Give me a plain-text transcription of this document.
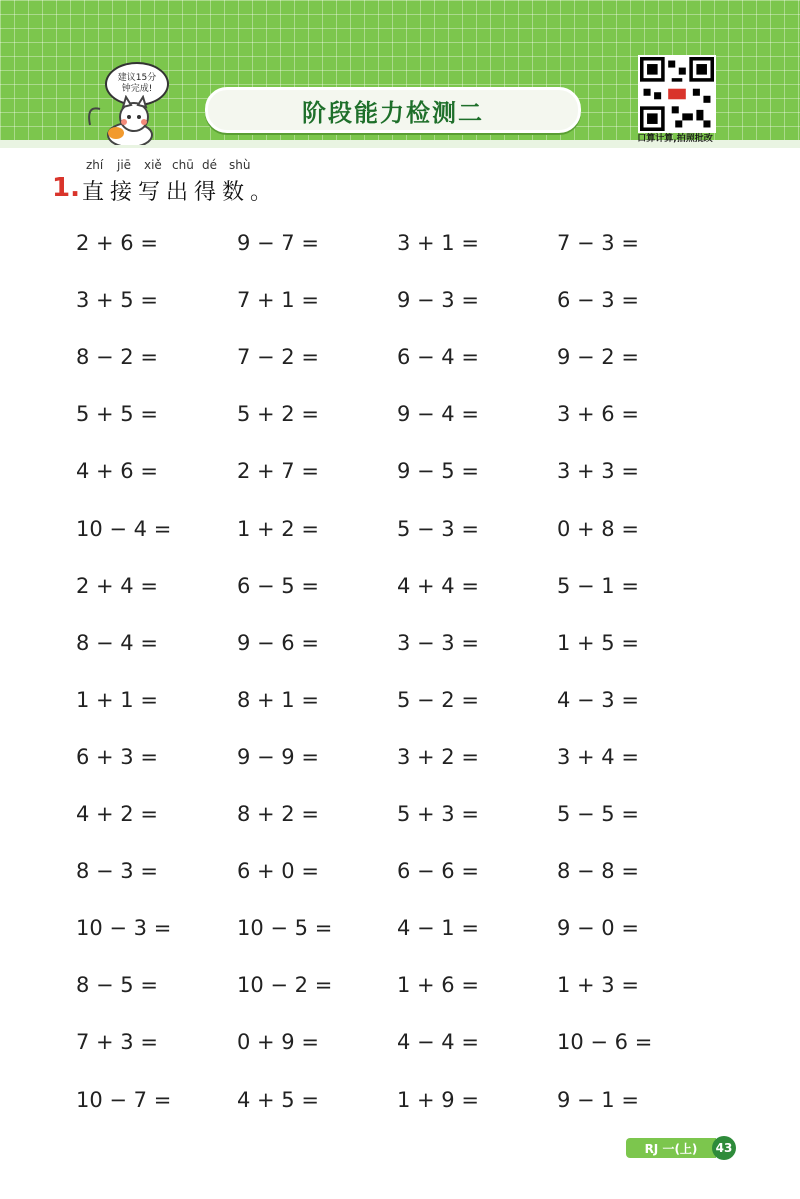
建议15分钟完成!
阶段能力检测二
口算计算,拍照批改
zhí jiē xiě chū dé shù
1. 直接写出得数。
2 + 6 =
3 + 5 =
8 − 2 =
5 + 5 =
4 + 6 =
10 − 4 =
2 + 4 =
8 − 4 =
1 + 1 =
6 + 3 =
4 + 2 =
8 − 3 =
10 − 3 =
8 − 5 =
7 + 3 =
10 − 7 =
9 − 7 =
7 + 1 =
7 − 2 =
5 + 2 =
2 + 7 =
1 + 2 =
6 − 5 =
9 − 6 =
8 + 1 =
9 − 9 =
8 + 2 =
6 + 0 =
10 − 5 =
10 − 2 =
0 + 9 =
4 + 5 =
3 + 1 =
9 − 3 =
6 − 4 =
9 − 4 =
9 − 5 =
5 − 3 =
4 + 4 =
3 − 3 =
5 − 2 =
3 + 2 =
5 + 3 =
6 − 6 =
4 − 1 =
1 + 6 =
4 − 4 =
1 + 9 =
7 − 3 =
6 − 3 =
9 − 2 =
3 + 6 =
3 + 3 =
0 + 8 =
5 − 1 =
1 + 5 =
4 − 3 =
3 + 4 =
5 − 5 =
8 − 8 =
9 − 0 =
1 + 3 =
10 − 6 =
9 − 1 =
RJ 一(上)	43
